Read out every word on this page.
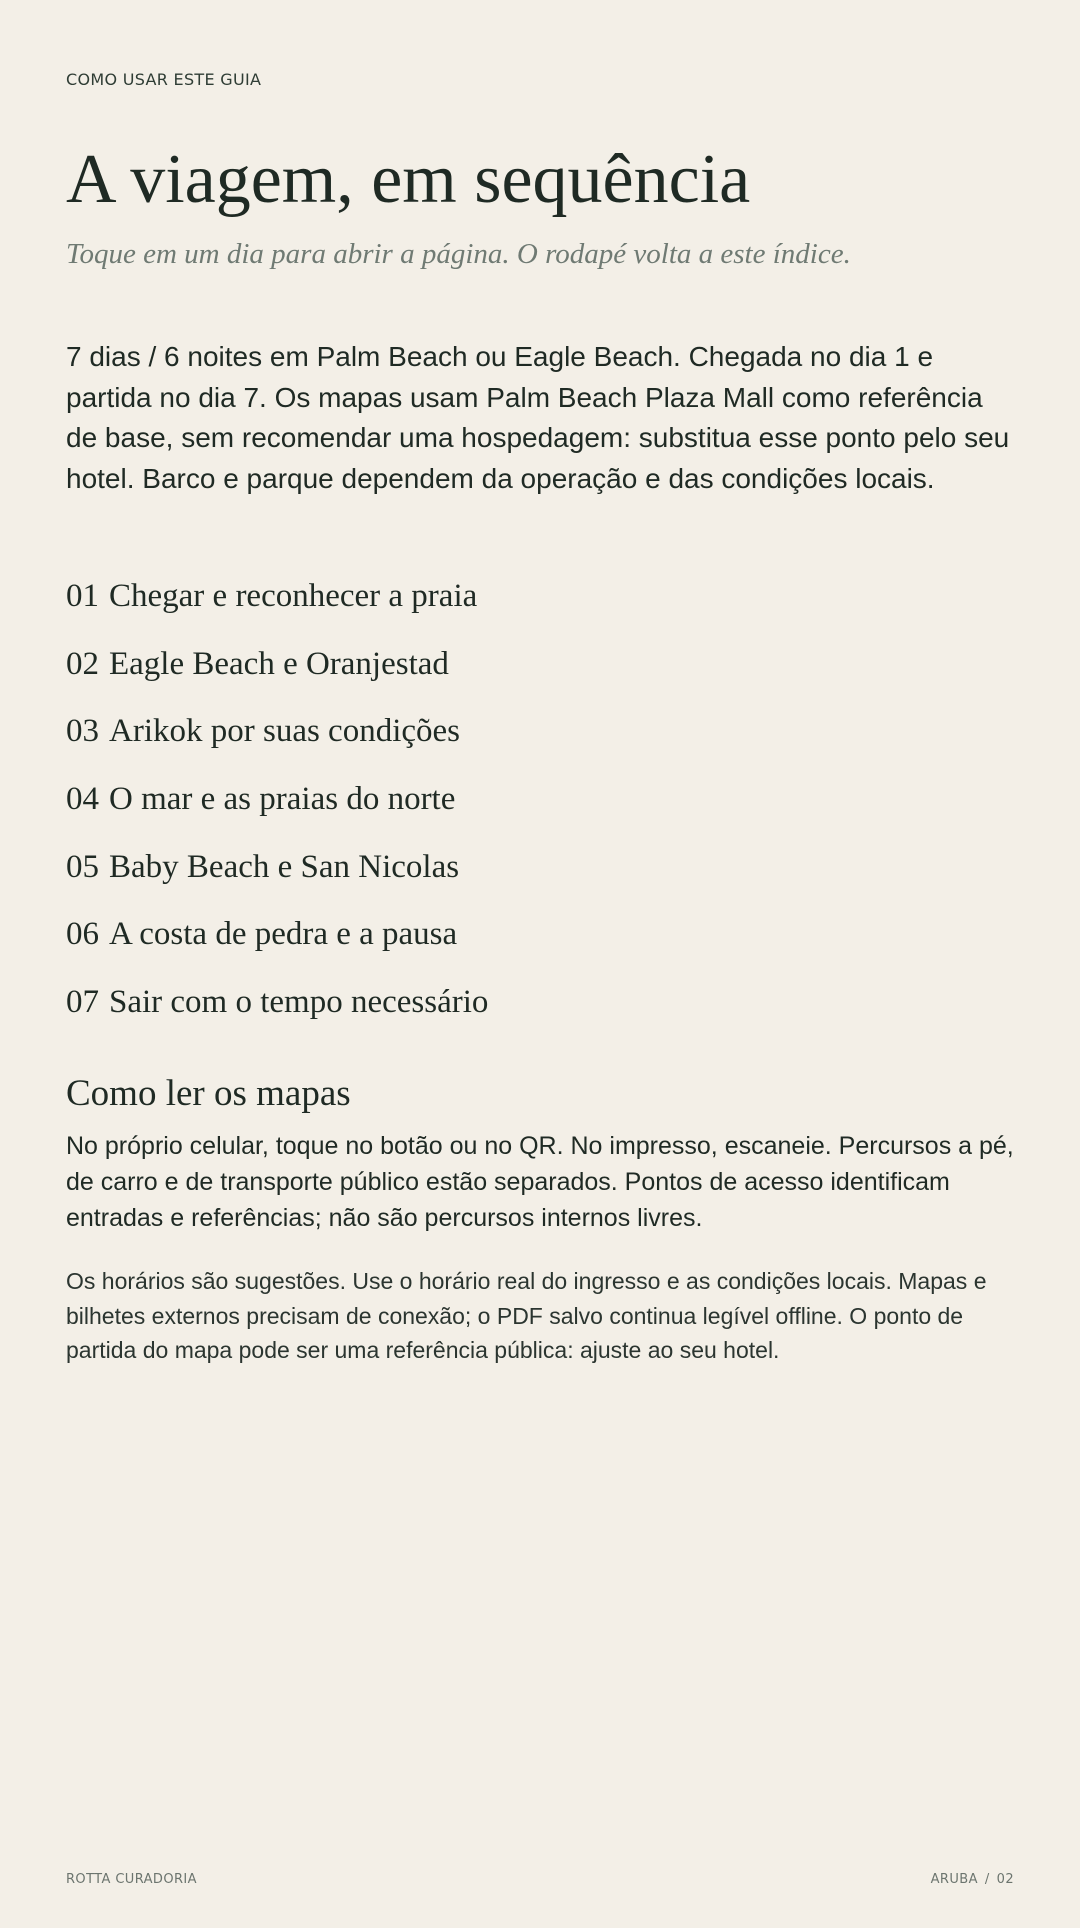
COMO USAR ESTE GUIA

A viagem, em sequência

Toque em um dia para abrir a página. O rodapé volta a este índice.

7 dias / 6 noites em Palm Beach ou Eagle Beach. Chegada no dia 1 e partida no dia 7. Os mapas usam Palm Beach Plaza Mall como referência de base, sem recomendar uma hospedagem: substitua esse ponto pelo seu hotel. Barco e parque dependem da operação e das condições locais.

01 Chegar e reconhecer a praia
02 Eagle Beach e Oranjestad
03 Arikok por suas condições
04 O mar e as praias do norte
05 Baby Beach e San Nicolas
06 A costa de pedra e a pausa
07 Sair com o tempo necessário
Como ler os mapas

No próprio celular, toque no botão ou no QR. No impresso, escaneie. Percursos a pé, de carro e de transporte público estão separados. Pontos de acesso identificam entradas e referências; não são percursos internos livres.

Os horários são sugestões. Use o horário real do ingresso e as condições locais. Mapas e bilhetes externos precisam de conexão; o PDF salvo continua legível offline. O ponto de partida do mapa pode ser uma referência pública: ajuste ao seu hotel.

ROTTA CURADORIA	ARUBA / 02
